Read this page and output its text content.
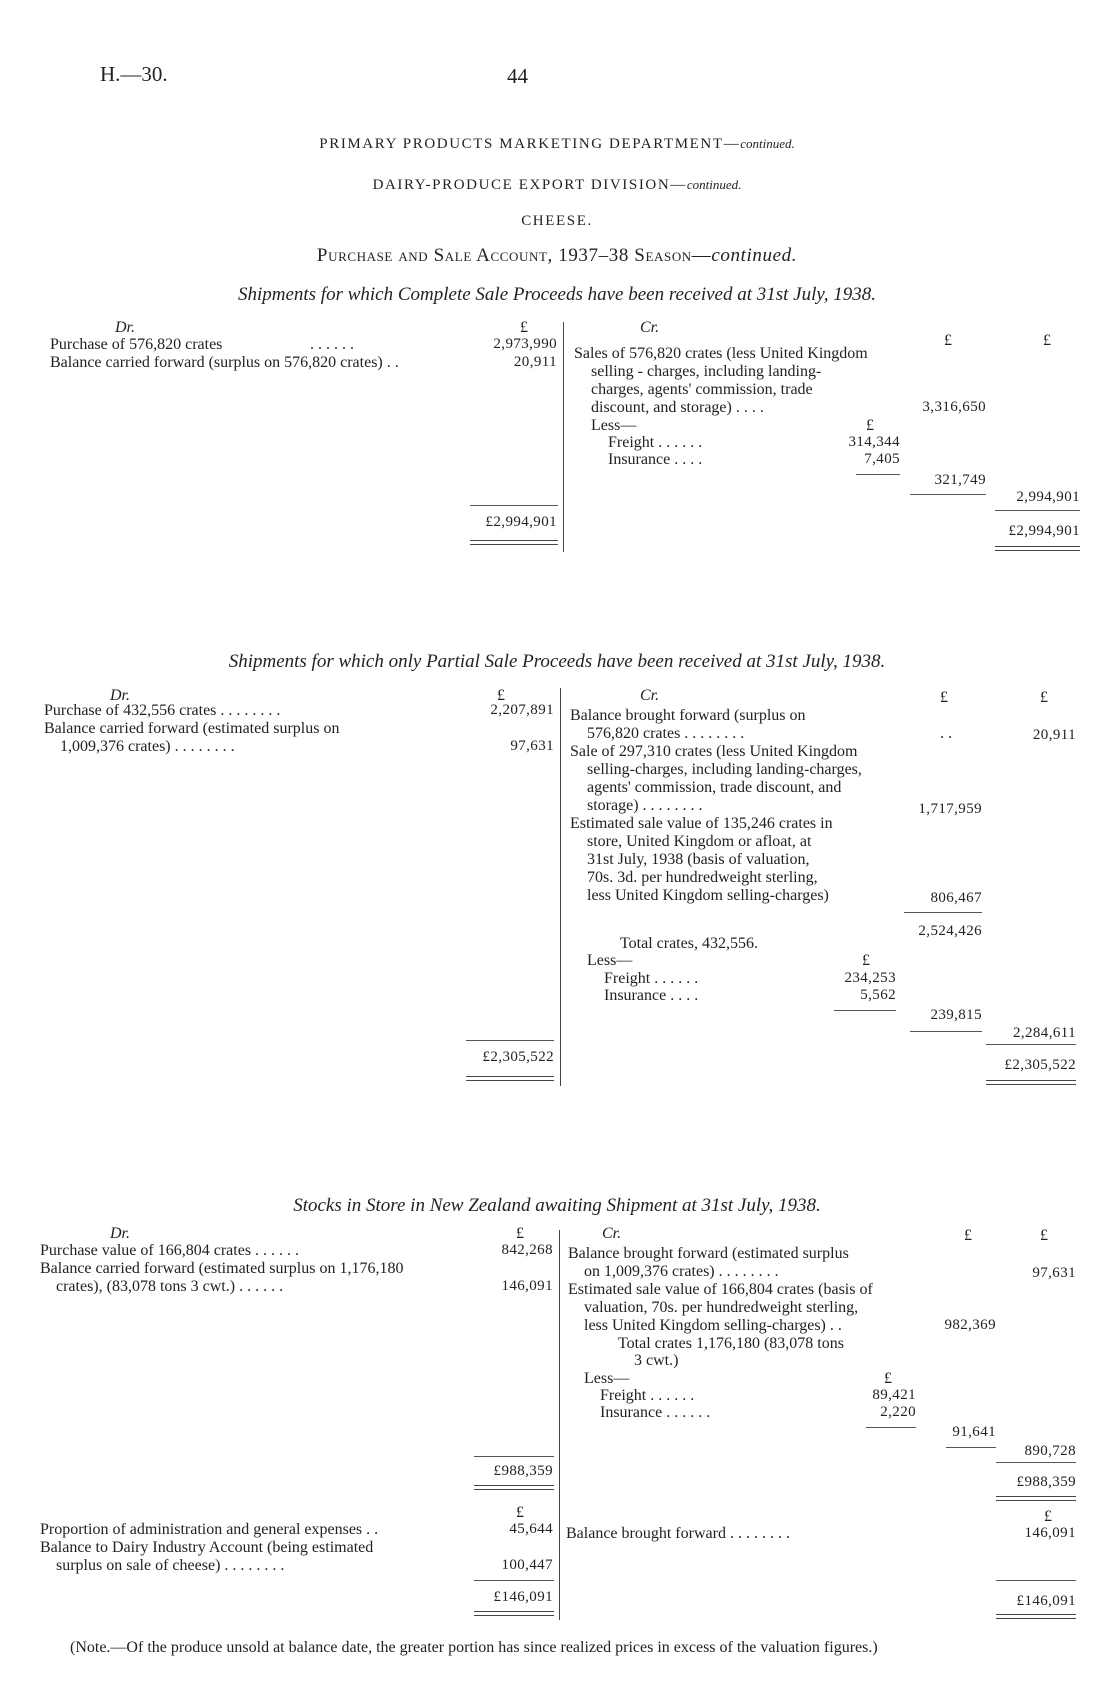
H.—30.	44
PRIMARY PRODUCTS MARKETING DEPARTMENT—continued.
DAIRY-PRODUCE EXPORT DIVISION—continued.
CHEESE.
Purchase and Sale Account, 1937–38 Season—continued.
Shipments for which Complete Sale Proceeds have been received at 31st July, 1938.
Dr.	£
Purchase of 576,820 crates	. . . . . .	2,973,990
Balance carried forward (surplus on 576,820 crates) . .	20,911
£2,994,901
Cr.
£	£
Sales of 576,820 crates (less United Kingdom
selling - charges, including landing-
charges, agents' commission, trade
discount, and storage) . . . .	3,316,650
Less—	£
Freight . . . . . .	314,344
Insurance . . . .	7,405
321,749
2,994,901
£2,994,901
Shipments for which only Partial Sale Proceeds have been received at 31st July, 1938.
Dr.	£
Purchase of 432,556 crates . . . . . . . .	2,207,891
Balance carried forward (estimated surplus on
1,009,376 crates) . . . . . . . .	97,631
£2,305,522
Cr.	£	£
Balance brought forward (surplus on
576,820 crates . . . . . . . .	. .	20,911
Sale of 297,310 crates (less United Kingdom
selling-charges, including landing-charges,
agents' commission, trade discount, and
storage) . . . . . . . .	1,717,959
Estimated sale value of 135,246 crates in
store, United Kingdom or afloat, at
31st July, 1938 (basis of valuation,
70s. 3d. per hundredweight sterling,
less United Kingdom selling-charges)	806,467
2,524,426
Total crates, 432,556.
Less—	£
Freight . . . . . .	234,253
Insurance . . . .	5,562
239,815
2,284,611
£2,305,522
Stocks in Store in New Zealand awaiting Shipment at 31st July, 1938.
Dr.	£
Purchase value of 166,804 crates . . . . . .	842,268
Balance carried forward (estimated surplus on 1,176,180
crates), (83,078 tons 3 cwt.) . . . . . .	146,091
£988,359
Cr.	£	£
Balance brought forward (estimated surplus
on 1,009,376 crates) . . . . . . . .	97,631
Estimated sale value of 166,804 crates (basis of
valuation, 70s. per hundredweight sterling,
less United Kingdom selling-charges) . .	982,369
Total crates 1,176,180 (83,078 tons
3 cwt.)
Less—	£
Freight . . . . . .	89,421
Insurance . . . . . .	2,220
91,641
890,728
£988,359
£
Proportion of administration and general expenses . .	45,644
Balance to Dairy Industry Account (being estimated
surplus on sale of cheese) . . . . . . . .	100,447
£146,091
£
Balance brought forward . . . . . . . .	146,091
£146,091
(Note.—Of the produce unsold at balance date, the greater portion has since realized prices in excess of the valuation figures.)
